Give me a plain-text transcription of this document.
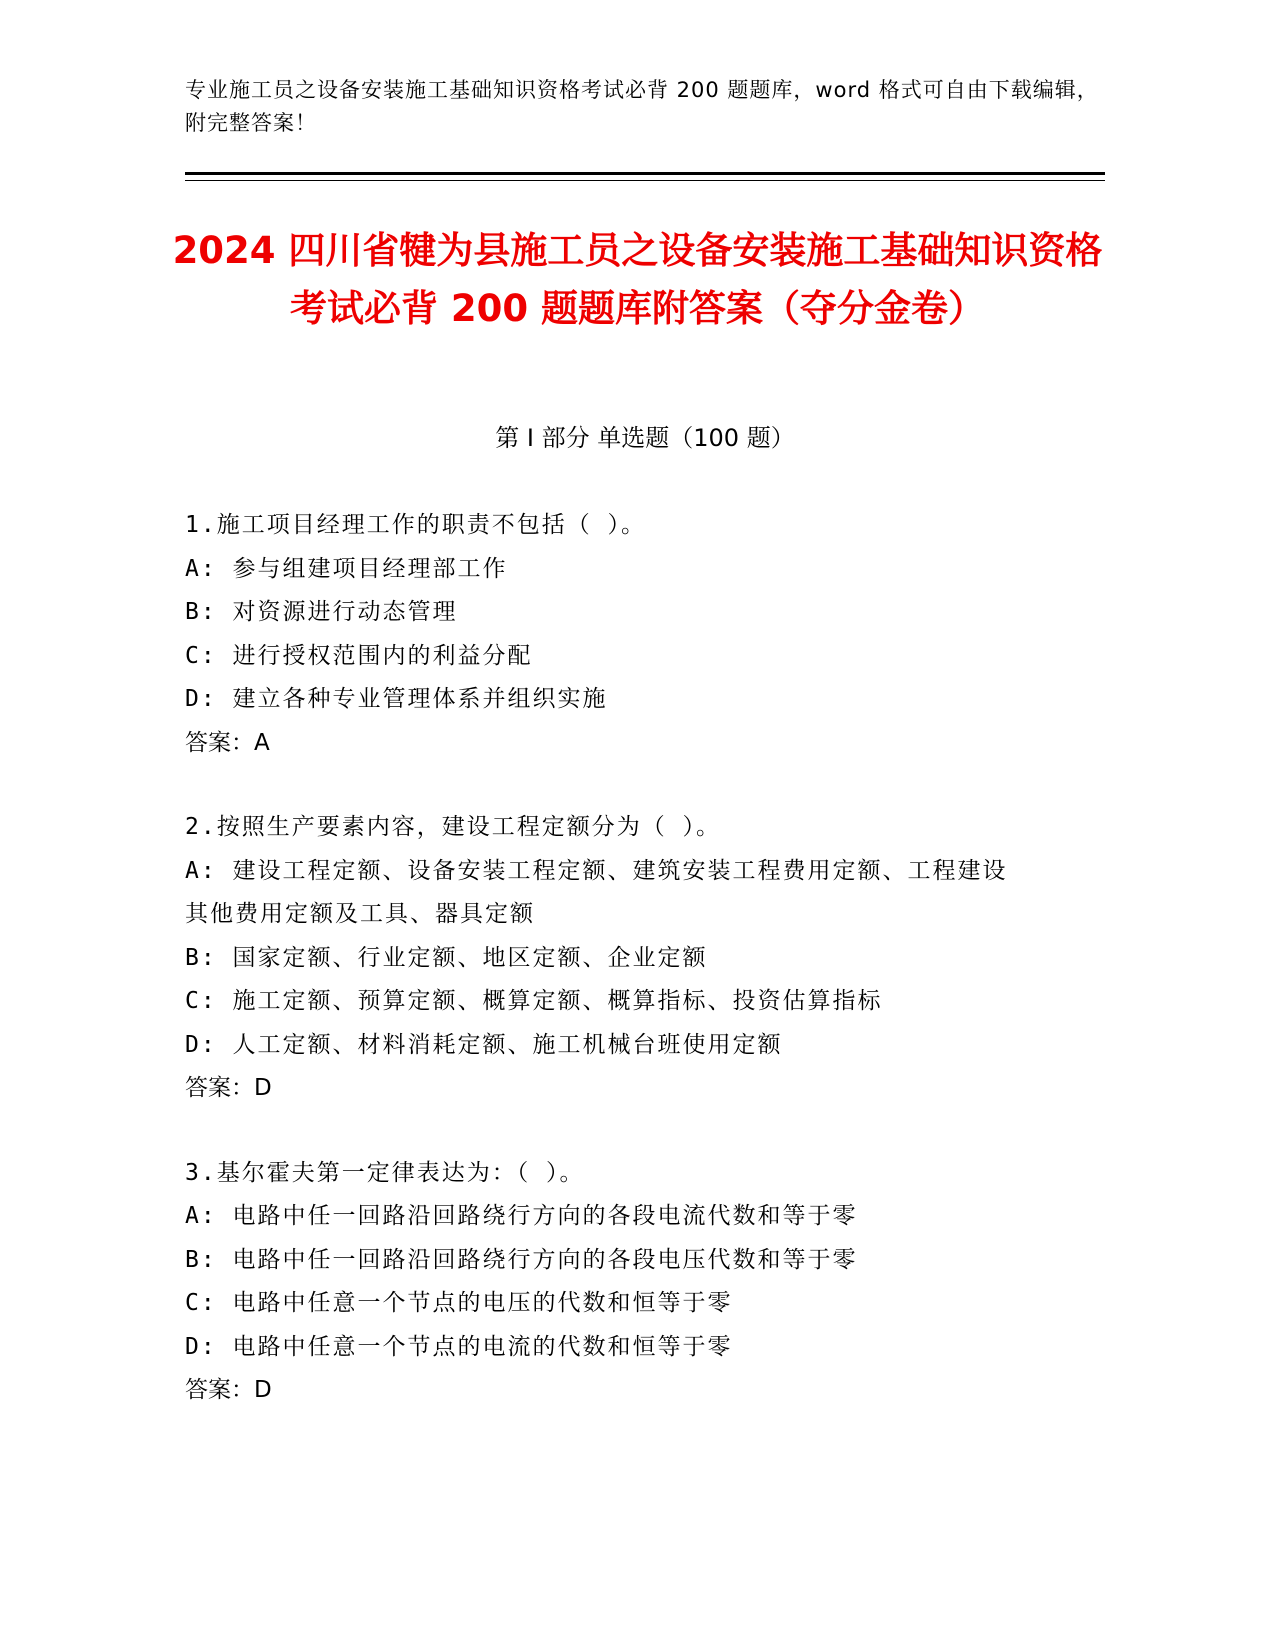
专业施工员之设备安装施工基础知识资格考试必背 200 题题库，word 格式可自由下载编辑，附完整答案！
2024 四川省犍为县施工员之设备安装施工基础知识资格考试必背 200 题题库附答案（夺分金卷）
第 I 部分 单选题（100 题）
1.施工项目经理工作的职责不包括（ ）。
A: 参与组建项目经理部工作
B: 对资源进行动态管理
C: 进行授权范围内的利益分配
D: 建立各种专业管理体系并组织实施
答案：A
2.按照生产要素内容，建设工程定额分为（ ）。
A: 建设工程定额、设备安装工程定额、建筑安装工程费用定额、工程建设其他费用定额及工具、器具定额
B: 国家定额、行业定额、地区定额、企业定额
C: 施工定额、预算定额、概算定额、概算指标、投资估算指标
D: 人工定额、材料消耗定额、施工机械台班使用定额
答案：D
3.基尔霍夫第一定律表达为：（ ）。
A: 电路中任一回路沿回路绕行方向的各段电流代数和等于零
B: 电路中任一回路沿回路绕行方向的各段电压代数和等于零
C: 电路中任意一个节点的电压的代数和恒等于零
D: 电路中任意一个节点的电流的代数和恒等于零
答案：D
